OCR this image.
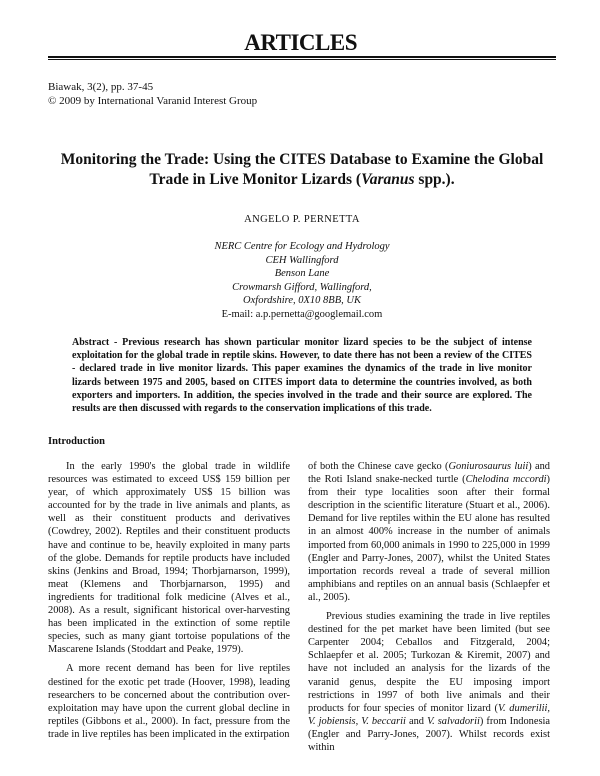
ARTICLES
Biawak, 3(2), pp. 37-45
© 2009 by International Varanid Interest Group
Monitoring the Trade: Using the CITES Database to Examine the Global Trade in Live Monitor Lizards (Varanus spp.).
ANGELO P. PERNETTA
NERC Centre for Ecology and Hydrology
CEH Wallingford
Benson Lane
Crowmarsh Gifford, Wallingford,
Oxfordshire, 0X10 8BB, UK
E-mail: a.p.pernetta@googlemail.com
Abstract - Previous research has shown particular monitor lizard species to be the subject of intense exploitation for the global trade in reptile skins. However, to date there has not been a review of the CITES - declared trade in live monitor lizards. This paper examines the dynamics of the trade in live monitor lizards between 1975 and 2005, based on CITES import data to determine the countries involved, as both exporters and importers. In addition, the species involved in the trade and their source are explored. The results are then discussed with regards to the conservation implications of this trade.
Introduction

In the early 1990's the global trade in wildlife resources was estimated to exceed US$ 159 billion per year, of which approximately US$ 15 billion was accounted for by the trade in live animals and plants, as well as their constituent products and derivatives (Cowdrey, 2002). Reptiles and their constituent products have and continue to be, heavily exploited in many parts of the globe. Demands for reptile products have included skins (Jenkins and Broad, 1994; Thorbjarnarson, 1999), meat (Klemens and Thorbjarnarson, 1995) and ingredients for traditional folk medicine (Alves et al., 2008). As a result, significant historical over-harvesting has been implicated in the extinction of some reptile species, such as many giant tortoise populations of the Mascarene Islands (Stoddart and Peake, 1979).

A more recent demand has been for live reptiles destined for the exotic pet trade (Hoover, 1998), leading researchers to be concerned about the contribution over-exploitation may have upon the current global decline in reptiles (Gibbons et al., 2000). In fact, pressure from the trade in live reptiles has been implicated in the extirpation

of both the Chinese cave gecko (Goniurosaurus luii) and the Roti Island snake-necked turtle (Chelodina mccordi) from their type localities soon after their formal description in the scientific literature (Stuart et al., 2006). Demand for live reptiles within the EU alone has resulted in an almost 400% increase in the number of animals imported from 60,000 animals in 1990 to 225,000 in 1999 (Engler and Parry-Jones, 2007), whilst the United States importation records reveal a trade of several million amphibians and reptiles on an annual basis (Schlaepfer et al., 2005).

Previous studies examining the trade in live reptiles destined for the pet market have been limited (but see Carpenter 2004; Ceballos and Fitzgerald, 2004; Schlaepfer et al. 2005; Turkozan & Kiremit, 2007) and have not included an analysis for the lizards of the varanid genus, despite the EU imposing import restrictions in 1997 of both live animals and their products for four species of monitor lizard (V. dumerilii, V. jobiensis, V. beccarii and V. salvadorii) from Indonesia (Engler and Parry-Jones, 2007). Whilst records exist within
